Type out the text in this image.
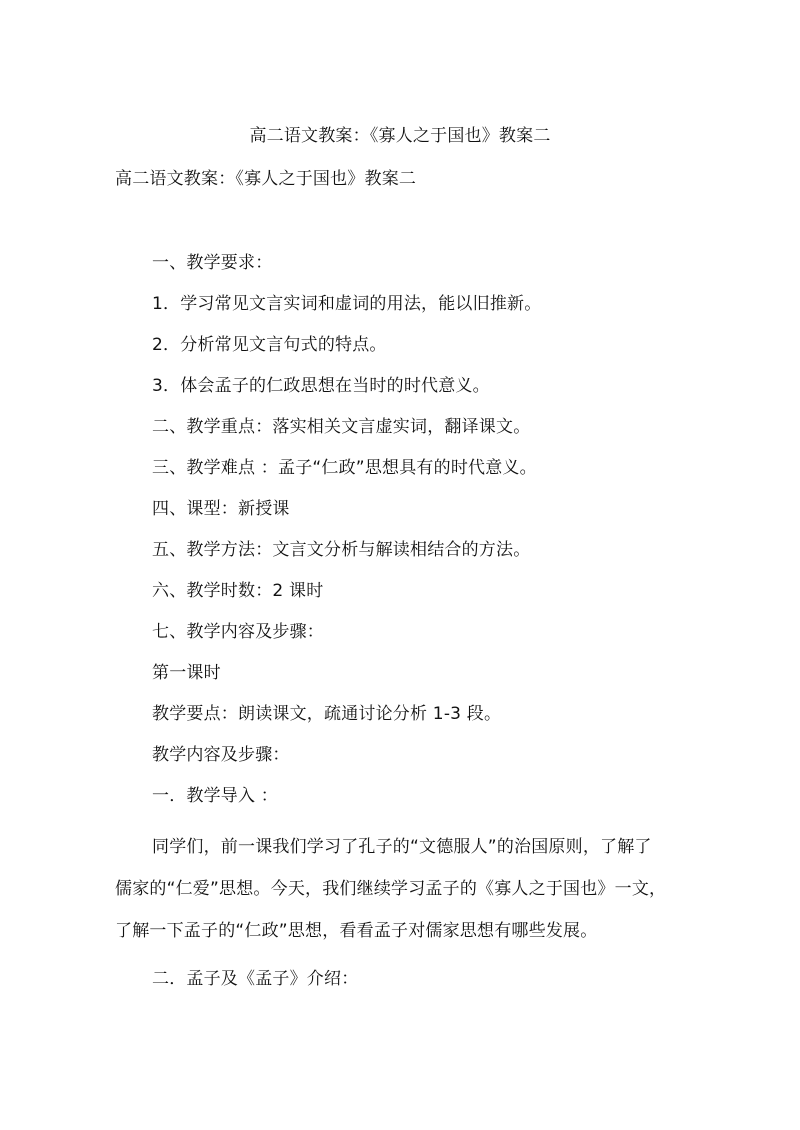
高二语文教案：《寡人之于国也》教案二
高二语文教案：《寡人之于国也》教案二
一、教学要求：
1．学习常见文言实词和虚词的用法，能以旧推新。
2．分析常见文言句式的特点。
3．体会孟子的仁政思想在当时的时代意义。
二、教学重点：落实相关文言虚实词，翻译课文。
三、教学难点 ：孟子“仁政”思想具有的时代意义。
四、课型：新授课
五、教学方法：文言文分析与解读相结合的方法。
六、教学时数：2 课时
七、教学内容及步骤：
第一课时
教学要点：朗读课文，疏通讨论分析 1-3 段。
教学内容及步骤：
一．教学导入 ：
同学们，前一课我们学习了孔子的“文德服人”的治国原则，了解了
儒家的“仁爱”思想。今天，我们继续学习孟子的《寡人之于国也》一文，
了解一下孟子的“仁政”思想，看看孟子对儒家思想有哪些发展。
二．孟子及《孟子》介绍：
